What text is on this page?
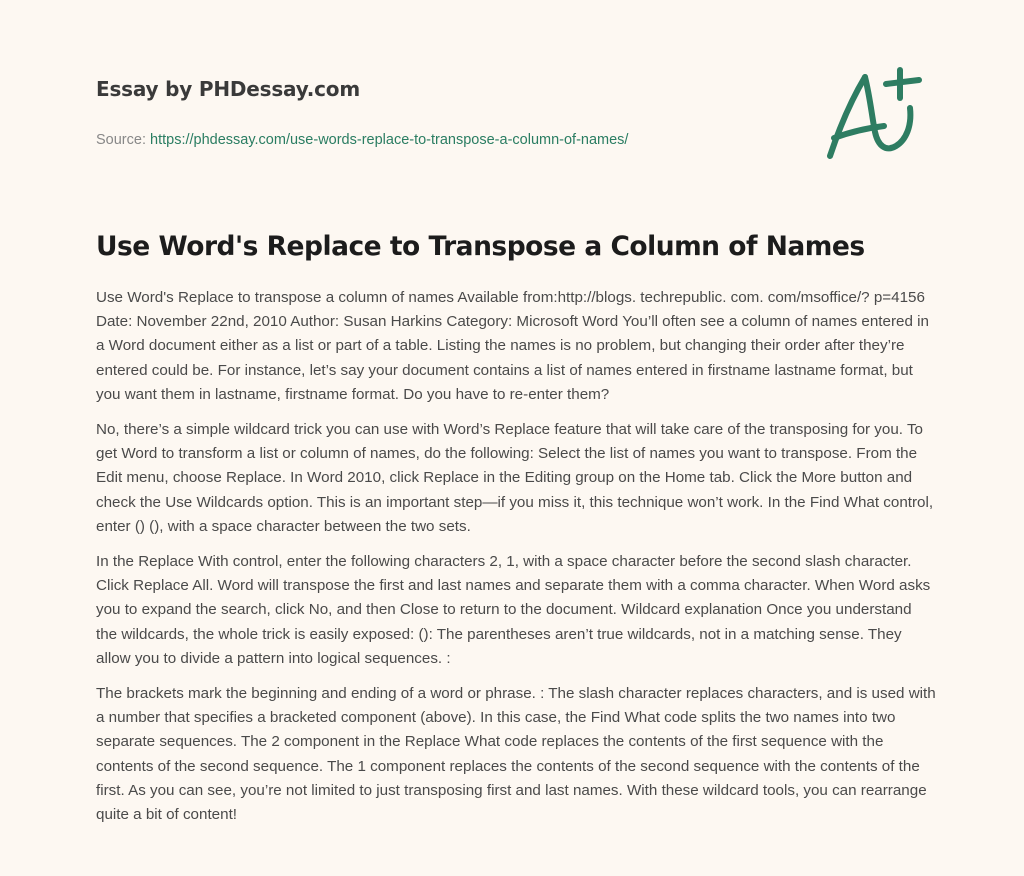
Essay by PHDessay.com
Source: https://phdessay.com/use-words-replace-to-transpose-a-column-of-names/
Use Word's Replace to Transpose a Column of Names

Use Word's Replace to transpose a column of names Available from:http://blogs. techrepublic. com. com/msoffice/? p=4156 Date: November 22nd, 2010 Author: Susan Harkins Category: Microsoft Word You’ll often see a column of names entered in a Word document either as a list or part of a table. Listing the names is no problem, but changing their order after they’re entered could be. For instance, let’s say your document contains a list of names entered in firstname lastname format, but you want them in lastname, firstname format. Do you have to re-enter them?

No, there’s a simple wildcard trick you can use with Word’s Replace feature that will take care of the transposing for you. To get Word to transform a list or column of names, do the following: Select the list of names you want to transpose. From the Edit menu, choose Replace. In Word 2010, click Replace in the Editing group on the Home tab. Click the More button and check the Use Wildcards option. This is an important step—if you miss it, this technique won’t work. In the Find What control, enter () (), with a space character between the two sets.

In the Replace With control, enter the following characters 2, 1, with a space character before the second slash character. Click Replace All. Word will transpose the first and last names and separate them with a comma character. When Word asks you to expand the search, click No, and then Close to return to the document. Wildcard explanation Once you understand the wildcards, the whole trick is easily exposed: (): The parentheses aren’t true wildcards, not in a matching sense. They allow you to divide a pattern into logical sequences. :

The brackets mark the beginning and ending of a word or phrase. : The slash character replaces characters, and is used with a number that specifies a bracketed component (above). In this case, the Find What code splits the two names into two separate sequences. The 2 component in the Replace What code replaces the contents of the first sequence with the contents of the second sequence. The 1 component replaces the contents of the second sequence with the contents of the first. As you can see, you’re not limited to just transposing first and last names. With these wildcard tools, you can rearrange quite a bit of content!
